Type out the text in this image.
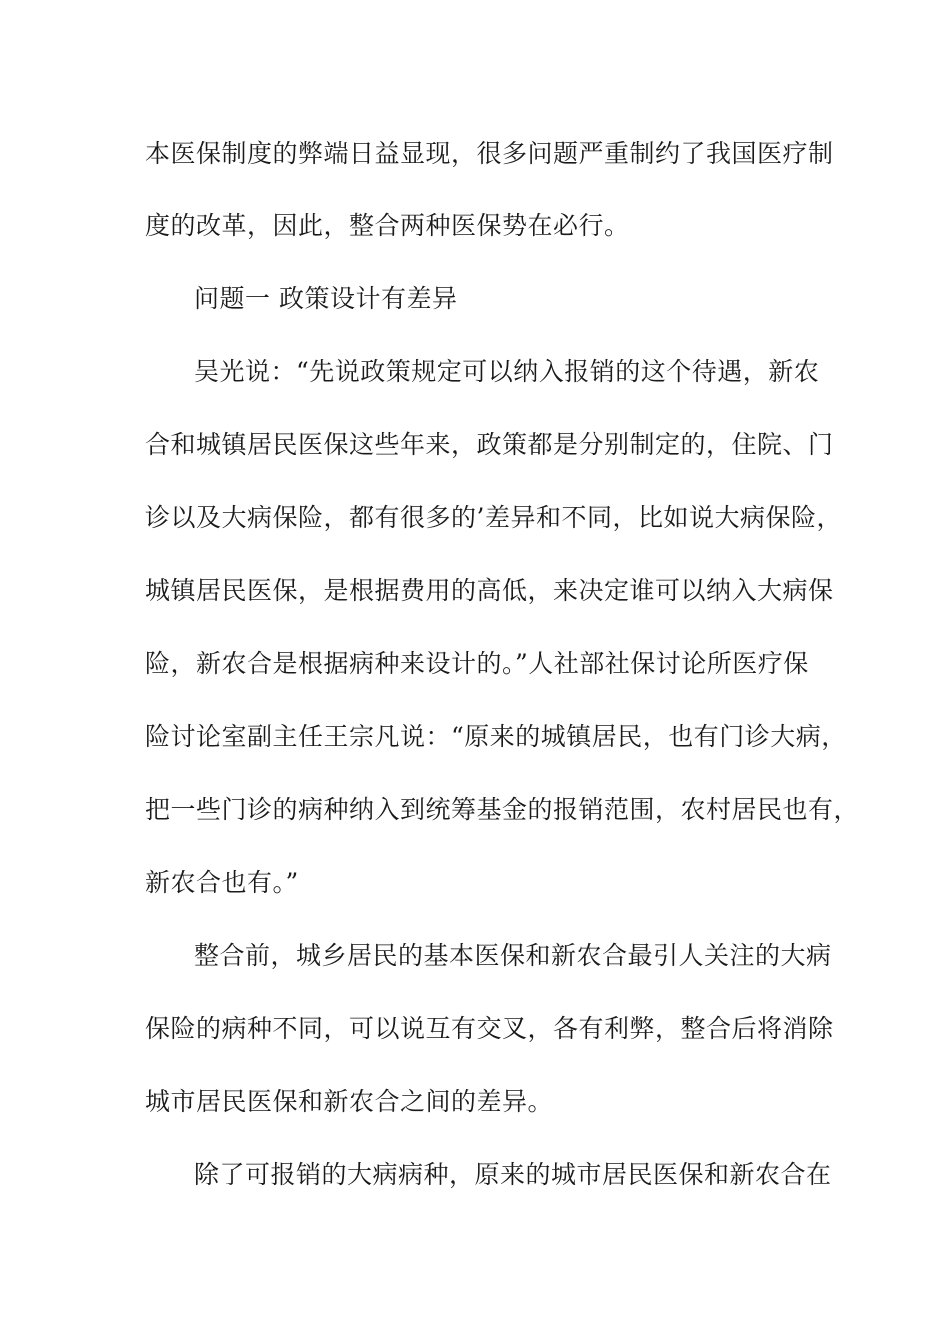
本医保制度的弊端日益显现，很多问题严重制约了我国医疗制
度的改革，因此，整合两种医保势在必行。
问题一 政策设计有差异
吴光说：“先说政策规定可以纳入报销的这个待遇，新农
合和城镇居民医保这些年来，政策都是分别制定的，住院、门
诊以及大病保险，都有很多的’差异和不同，比如说大病保险，
城镇居民医保，是根据费用的高低，来决定谁可以纳入大病保
险，新农合是根据病种来设计的。”人社部社保讨论所医疗保
险讨论室副主任王宗凡说：“原来的城镇居民，也有门诊大病，
把一些门诊的病种纳入到统筹基金的报销范围，农村居民也有，
新农合也有。”
整合前，城乡居民的基本医保和新农合最引人关注的大病
保险的病种不同，可以说互有交叉，各有利弊，整合后将消除
城市居民医保和新农合之间的差异。
除了可报销的大病病种，原来的城市居民医保和新农合在
